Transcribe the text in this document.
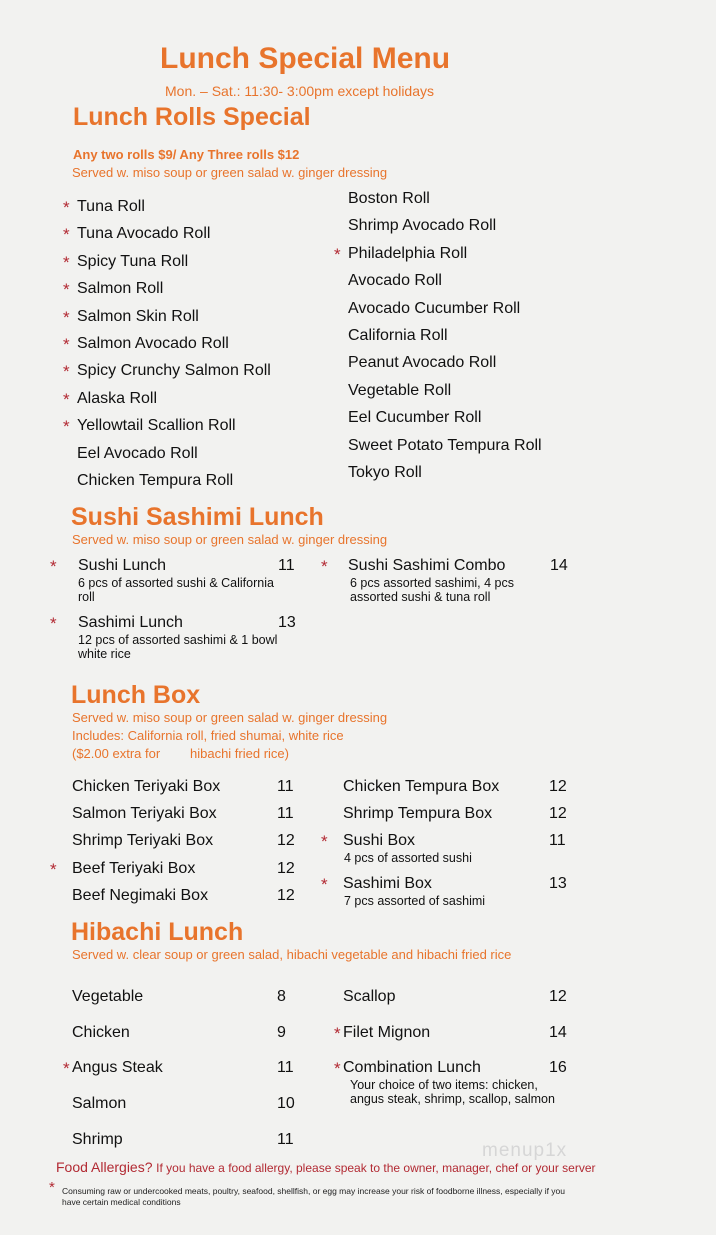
Lunch Special Menu
Mon. – Sat.: 11:30- 3:00pm except holidays
Lunch Rolls Special
Any two rolls $9/ Any Three rolls $12
Served w. miso soup or green salad w. ginger dressing
* Tuna Roll
* Tuna Avocado Roll
* Spicy Tuna Roll
* Salmon Roll
* Salmon Skin Roll
* Salmon Avocado Roll
* Spicy Crunchy Salmon Roll
* Alaska Roll
* Yellowtail Scallion Roll
Eel Avocado Roll
Chicken Tempura Roll
Boston Roll
Shrimp Avocado Roll
* Philadelphia Roll
Avocado Roll
Avocado Cucumber Roll
California Roll
Peanut Avocado Roll
Vegetable Roll
Eel Cucumber Roll
Sweet Potato Tempura Roll
Tokyo Roll
Sushi Sashimi Lunch
Served w. miso soup or green salad w. ginger dressing
* Sushi Lunch	11
6 pcs of assorted sushi & California roll
* Sashimi Lunch	13
12 pcs of assorted sashimi & 1 bowl white rice
* Sushi Sashimi Combo	14
6 pcs assorted sashimi, 4 pcs assorted sushi & tuna roll
Lunch Box
Served w. miso soup or green salad w. ginger dressing
Includes: California roll, fried shumai, white rice
($2.00 extra for hibachi fried rice)
Chicken Teriyaki Box	11
Salmon Teriyaki Box	11
Shrimp Teriyaki Box	12
* Beef Teriyaki Box	12
Beef Negimaki Box	12
Chicken Tempura Box	12
Shrimp Tempura Box	12
* Sushi Box	11
4 pcs of assorted sushi
* Sashimi Box	13
7 pcs assorted of sashimi
Hibachi Lunch
Served w. clear soup or green salad, hibachi vegetable and hibachi fried rice
Vegetable	8
Chicken	9
* Angus Steak	11
Salmon	10
Shrimp	11
Scallop	12
* Filet Mignon	14
* Combination Lunch	16
Your choice of two items: chicken, angus steak, shrimp, scallop, salmon
menup1x
Food Allergies? If you have a food allergy, please speak to the owner, manager, chef or your server
* Consuming raw or undercooked meats, poultry, seafood, shellfish, or egg may increase your risk of foodborne illness, especially if you have certain medical conditions
